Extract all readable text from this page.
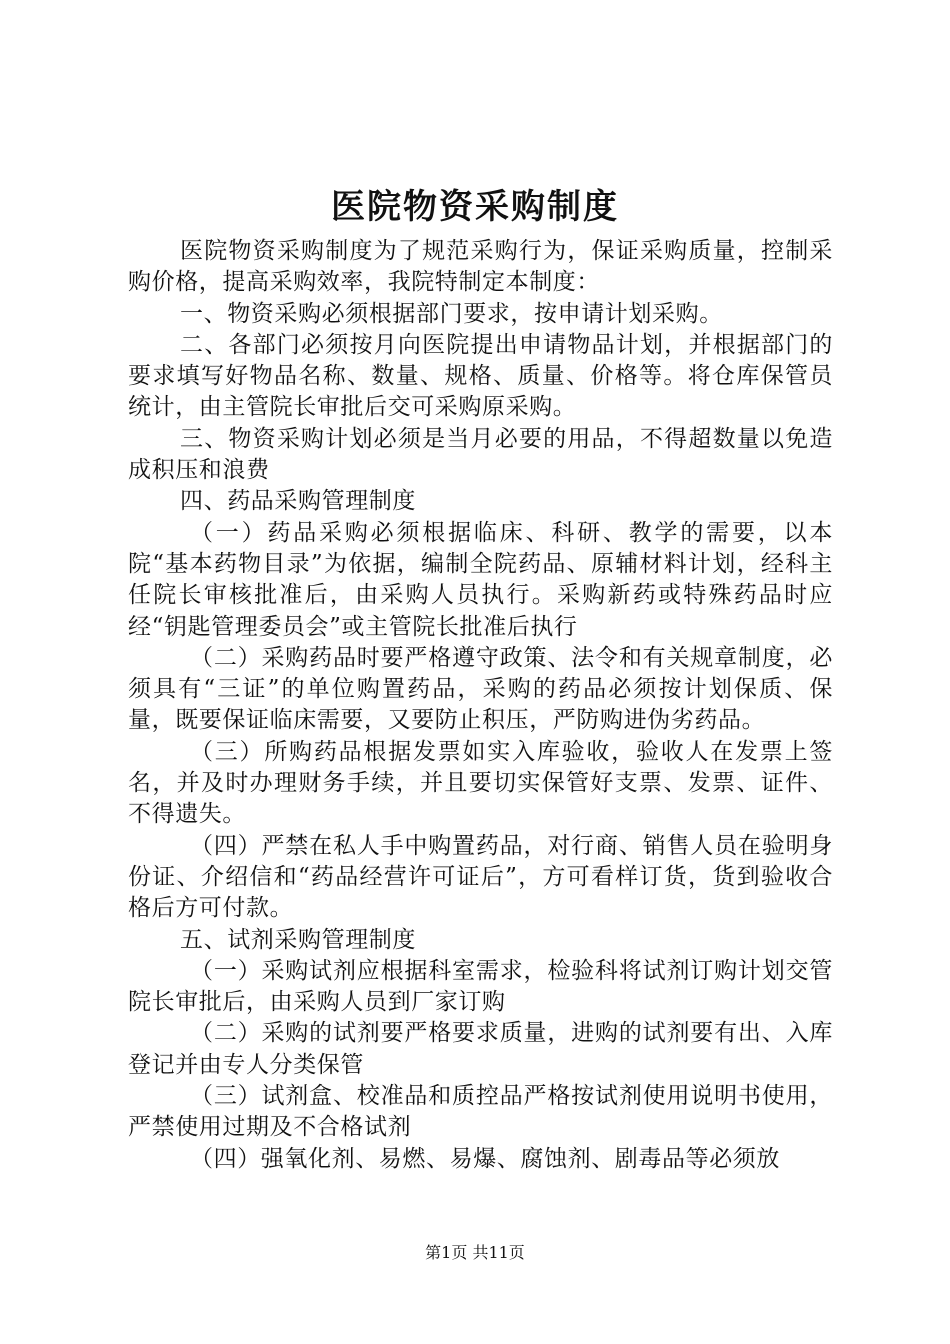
医院物资采购制度

医院物资采购制度为了规范采购行为，保证采购质量，控制采购价格，提高采购效率，我院特制定本制度：

一、物资采购必须根据部门要求，按申请计划采购。

二、各部门必须按月向医院提出申请物品计划，并根据部门的要求填写好物品名称、数量、规格、质量、价格等。将仓库保管员统计，由主管院长审批后交可采购原采购。

三、物资采购计划必须是当月必要的用品，不得超数量以免造成积压和浪费

四、药品采购管理制度

（一）药品采购必须根据临床、科研、教学的需要，以本院“基本药物目录”为依据，编制全院药品、原辅材料计划，经科主任院长审核批准后，由采购人员执行。采购新药或特殊药品时应经“钥匙管理委员会”或主管院长批准后执行

（二）采购药品时要严格遵守政策、法令和有关规章制度，必须具有“三证”的单位购置药品，采购的药品必须按计划保质、保量，既要保证临床需要，又要防止积压，严防购进伪劣药品。

（三）所购药品根据发票如实入库验收，验收人在发票上签名，并及时办理财务手续，并且要切实保管好支票、发票、证件、不得遗失。

（四）严禁在私人手中购置药品，对行商、销售人员在验明身份证、介绍信和“药品经营许可证后”，方可看样订货，货到验收合格后方可付款。

五、试剂采购管理制度

（一）采购试剂应根据科室需求，检验科将试剂订购计划交管院长审批后，由采购人员到厂家订购

（二）采购的试剂要严格要求质量，进购的试剂要有出、入库登记并由专人分类保管

（三）试剂盒、校准品和质控品严格按试剂使用说明书使用，严禁使用过期及不合格试剂

（四）强氧化剂、易燃、易爆、腐蚀剂、剧毒品等必须放

第1页 共11页
